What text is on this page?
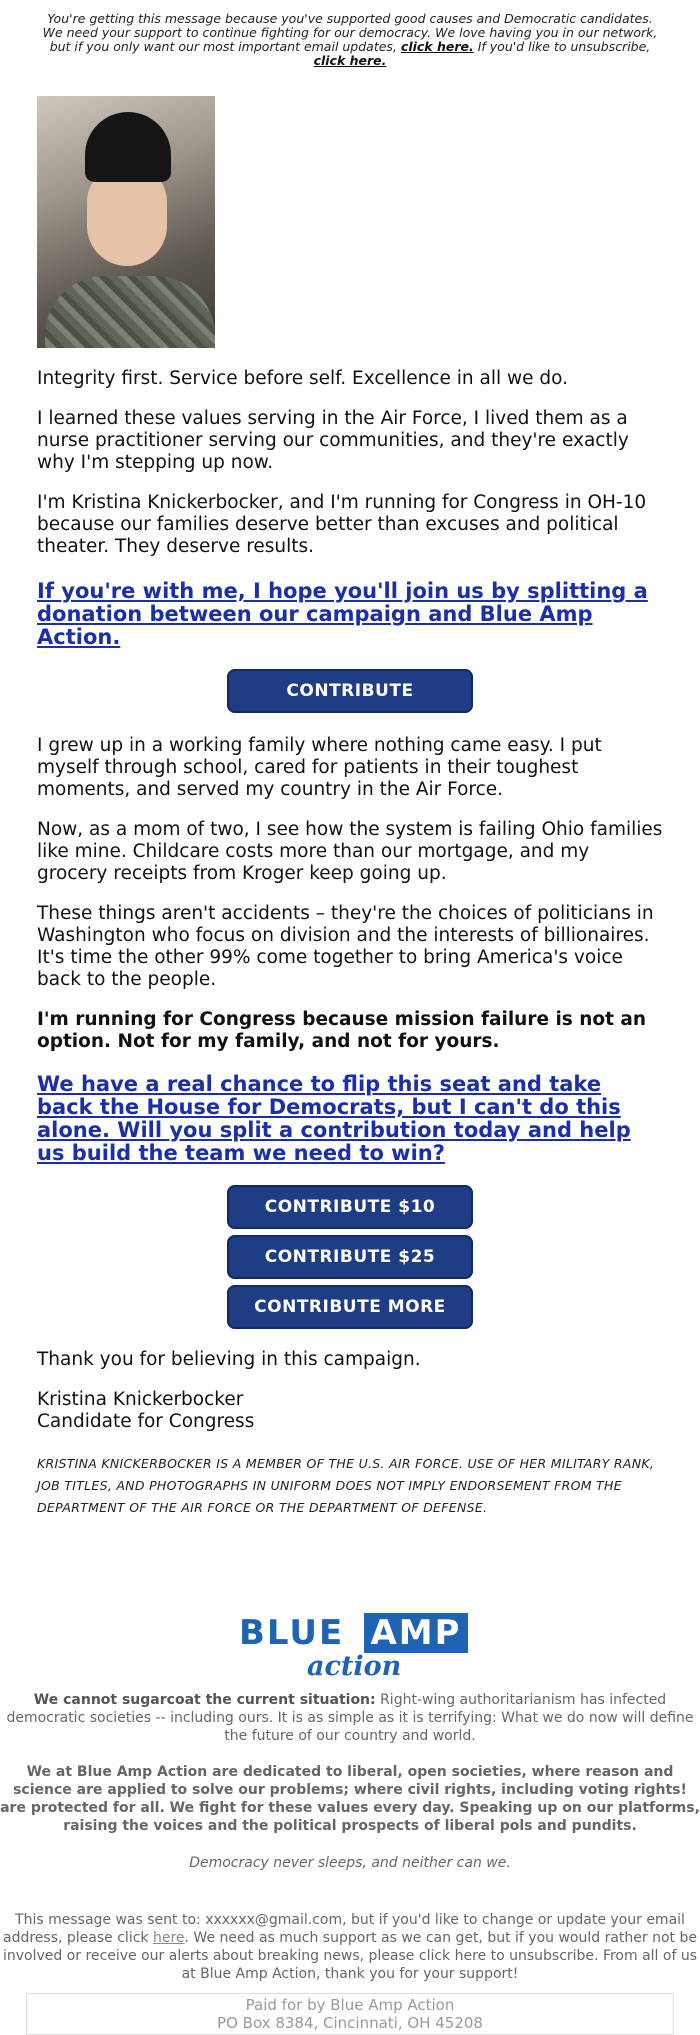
You're getting this message because you've supported good causes and Democratic candidates. We need your support to continue fighting for our democracy. We love having you in our network, but if you only want our most important email updates, click here. If you'd like to unsubscribe, click here.

Integrity first. Service before self. Excellence in all we do.

I learned these values serving in the Air Force, I lived them as a nurse practitioner serving our communities, and they're exactly why I'm stepping up now.

I'm Kristina Knickerbocker, and I'm running for Congress in OH-10 because our families deserve better than excuses and political theater. They deserve results.

If you're with me, I hope you'll join us by splitting a donation between our campaign and Blue Amp Action.
CONTRIBUTE

I grew up in a working family where nothing came easy. I put myself through school, cared for patients in their toughest moments, and served my country in the Air Force.

Now, as a mom of two, I see how the system is failing Ohio families like mine. Childcare costs more than our mortgage, and my grocery receipts from Kroger keep going up.

These things aren't accidents – they're the choices of politicians in Washington who focus on division and the interests of billionaires. It's time the other 99% come together to bring America's voice back to the people.

I'm running for Congress because mission failure is not an option. Not for my family, and not for yours.

We have a real chance to flip this seat and take back the House for Democrats, but I can't do this alone. Will you split a contribution today and help us build the team we need to win?
CONTRIBUTE $10
CONTRIBUTE $25
CONTRIBUTE MORE

Thank you for believing in this campaign.

Kristina Knickerbocker
Candidate for Congress

KRISTINA KNICKERBOCKER IS A MEMBER OF THE U.S. AIR FORCE. USE OF HER MILITARY RANK, JOB TITLES, AND PHOTOGRAPHS IN UNIFORM DOES NOT IMPLY ENDORSEMENT FROM THE DEPARTMENT OF THE AIR FORCE OR THE DEPARTMENT OF DEFENSE.
BLUE AMP
action
We cannot sugarcoat the current situation: Right-wing authoritarianism has infected democratic societies -- including ours. It is as simple as it is terrifying: What we do now will define the future of our country and world.
We at Blue Amp Action are dedicated to liberal, open societies, where reason and science are applied to solve our problems; where civil rights, including voting rights! are protected for all. We fight for these values every day. Speaking up on our platforms, raising the voices and the political prospects of liberal pols and pundits.
Democracy never sleeps, and neither can we.
This message was sent to: xxxxxx@gmail.com, but if you'd like to change or update your email address, please click here. We need as much support as we can get, but if you would rather not be involved or receive our alerts about breaking news, please click here to unsubscribe. From all of us at Blue Amp Action, thank you for your support!
Paid for by Blue Amp Action
PO Box 8384, Cincinnati, OH 45208
